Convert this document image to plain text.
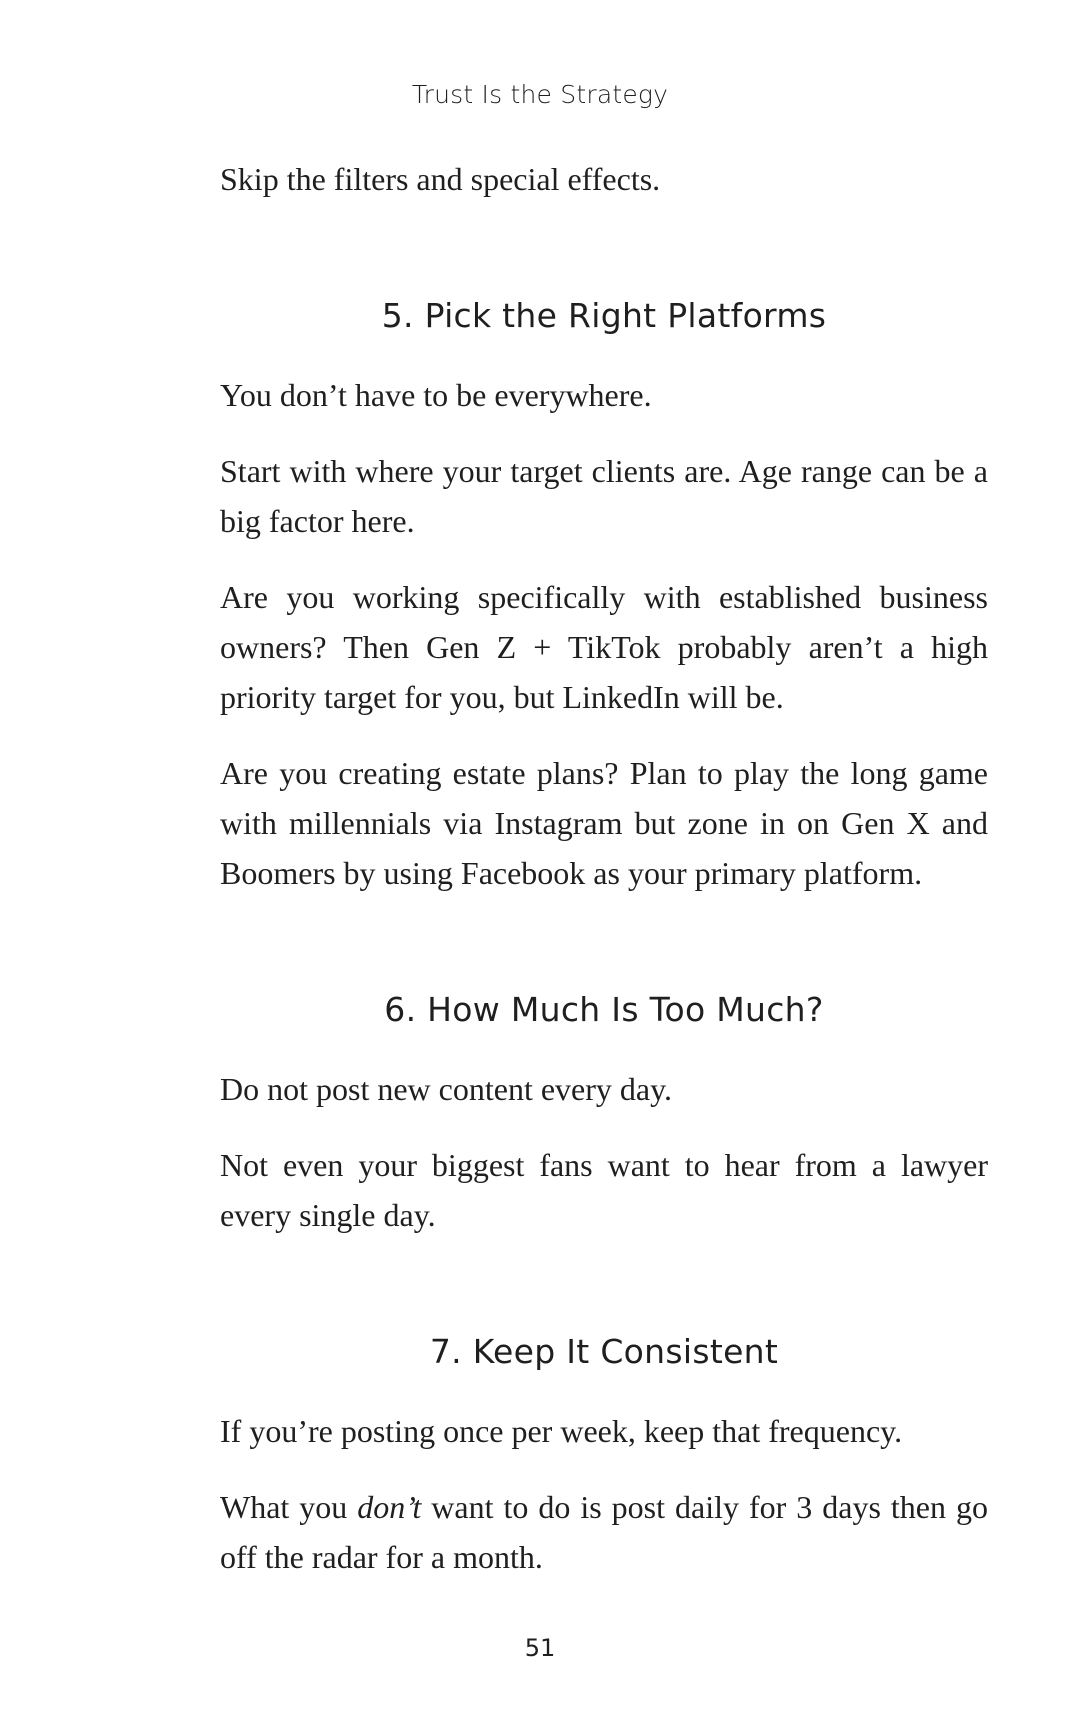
Trust Is the Strategy

Skip the filters and special effects.

5. Pick the Right Platforms

You don’t have to be everywhere.

Start with where your target clients are. Age range can be a big factor here.

Are you working specifically with established business owners? Then Gen Z + TikTok probably aren’t a high priority target for you, but LinkedIn will be.

Are you creating estate plans? Plan to play the long game with millennials via Instagram but zone in on Gen X and Boomers by using Facebook as your primary platform.

6. How Much Is Too Much?

Do not post new content every day.

Not even your biggest fans want to hear from a lawyer every single day.

7. Keep It Consistent

If you’re posting once per week, keep that frequency.

What you don’t want to do is post daily for 3 days then go off the radar for a month.

51
